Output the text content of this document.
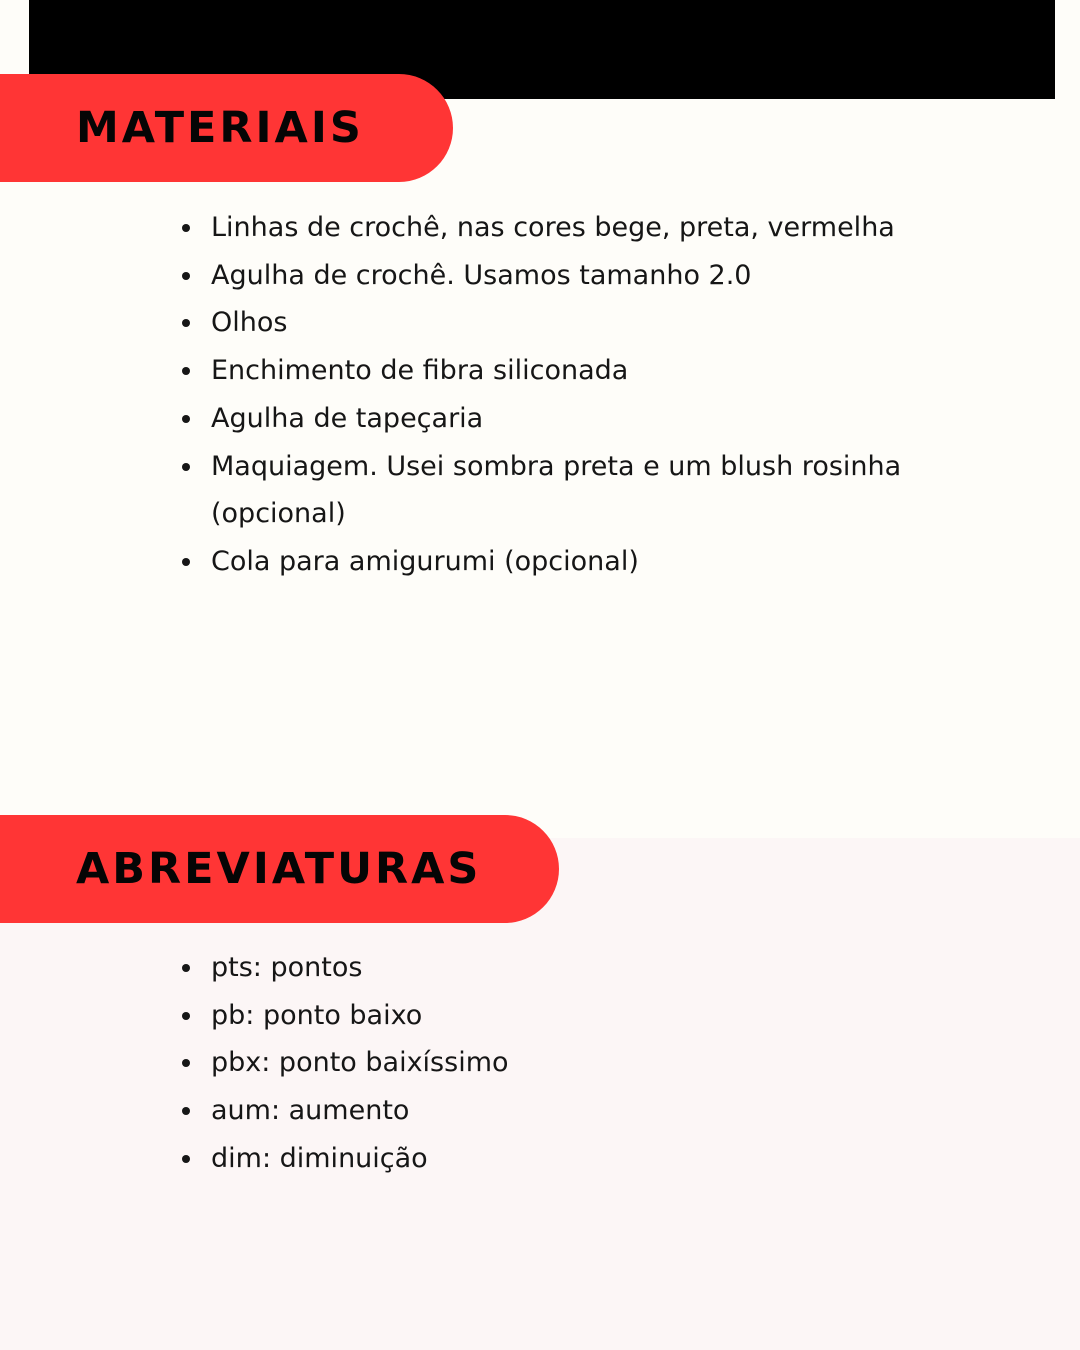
MATERIAIS
Linhas de crochê, nas cores bege, preta, vermelha
Agulha de crochê. Usamos tamanho 2.0
Olhos
Enchimento de fibra siliconada
Agulha de tapeçaria
Maquiagem. Usei sombra preta e um blush rosinha
(opcional)
Cola para amigurumi (opcional)
ABREVIATURAS
pts: pontos
pb: ponto baixo
pbx: ponto baixíssimo
aum: aumento
dim: diminuição
